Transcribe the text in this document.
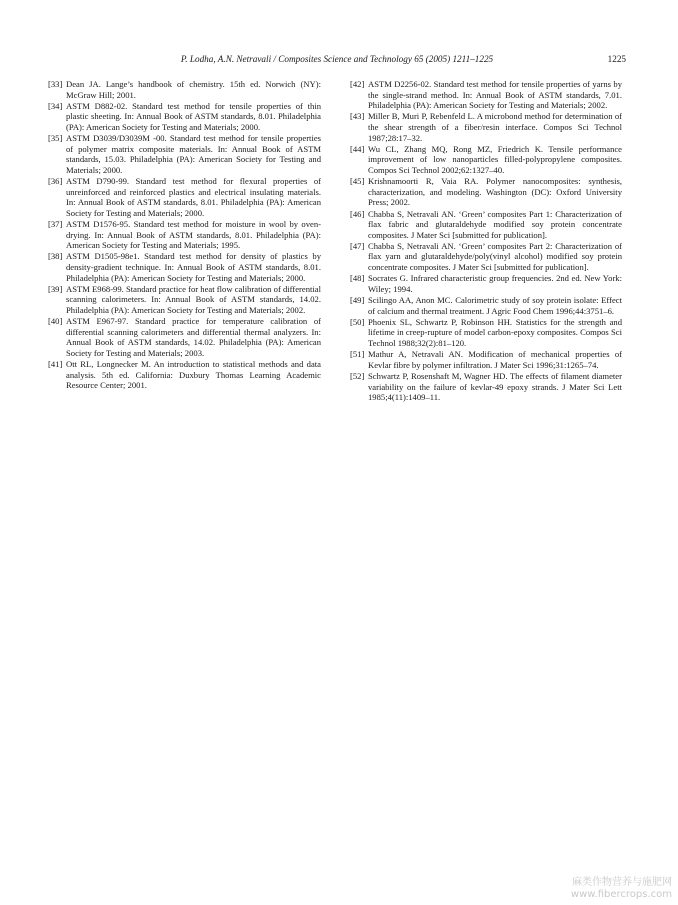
P. Lodha, A.N. Netravali / Composites Science and Technology 65 (2005) 1211–1225	1225
[33] Dean JA. Lange’s handbook of chemistry. 15th ed. Norwich (NY): McGraw Hill; 2001.
[34] ASTM D882-02. Standard test method for tensile properties of thin plastic sheeting. In: Annual Book of ASTM standards, 8.01. Philadelphia (PA): American Society for Testing and Materials; 2000.
[35] ASTM D3039/D3039M -00. Standard test method for tensile properties of polymer matrix composite materials. In: Annual Book of ASTM standards, 15.03. Philadelphia (PA): American Society for Testing and Materials; 2000.
[36] ASTM D790-99. Standard test method for flexural properties of unreinforced and reinforced plastics and electrical insulating materials. In: Annual Book of ASTM standards, 8.01. Philadelphia (PA): American Society for Testing and Materials; 2000.
[37] ASTM D1576-95. Standard test method for moisture in wool by oven-drying. In: Annual Book of ASTM standards, 8.01. Philadelphia (PA): American Society for Testing and Materials; 1995.
[38] ASTM D1505-98e1. Standard test method for density of plastics by density-gradient technique. In: Annual Book of ASTM standards, 8.01. Philadelphia (PA): American Society for Testing and Materials; 2000.
[39] ASTM E968-99. Standard practice for heat flow calibration of differential scanning calorimeters. In: Annual Book of ASTM standards, 14.02. Philadelphia (PA): American Society for Testing and Materials; 2002.
[40] ASTM E967-97. Standard practice for temperature calibration of differential scanning calorimeters and differential thermal analyzers. In: Annual Book of ASTM standards, 14.02. Philadelphia (PA): American Society for Testing and Materials; 2003.
[41] Ott RL, Longnecker M. An introduction to statistical methods and data analysis. 5th ed. California: Duxbury Thomas Learning Academic Resource Center; 2001.
[42] ASTM D2256-02. Standard test method for tensile properties of yarns by the single-strand method. In: Annual Book of ASTM standards, 7.01. Philadelphia (PA): American Society for Testing and Materials; 2002.
[43] Miller B, Muri P, Rebenfeld L. A microbond method for determination of the shear strength of a fiber/resin interface. Compos Sci Technol 1987;28:17–32.
[44] Wu CL, Zhang MQ, Rong MZ, Friedrich K. Tensile performance improvement of low nanoparticles filled-polypropylene composites. Compos Sci Technol 2002;62:1327–40.
[45] Krishnamoorti R, Vaia RA. Polymer nanocomposites: synthesis, characterization, and modeling. Washington (DC): Oxford University Press; 2002.
[46] Chabba S, Netravali AN. ‘Green’ composites Part 1: Characterization of flax fabric and glutaraldehyde modified soy protein concentrate composites. J Mater Sci [submitted for publication].
[47] Chabba S, Netravali AN. ‘Green’ composites Part 2: Characterization of flax yarn and glutaraldehyde/poly(vinyl alcohol) modified soy protein concentrate composites. J Mater Sci [submitted for publication].
[48] Socrates G. Infrared characteristic group frequencies. 2nd ed. New York: Wiley; 1994.
[49] Scilingo AA, Anon MC. Calorimetric study of soy protein isolate: Effect of calcium and thermal treatment. J Agric Food Chem 1996;44:3751–6.
[50] Phoenix SL, Schwartz P, Robinson HH. Statistics for the strength and lifetime in creep-rupture of model carbon-epoxy composites. Compos Sci Technol 1988;32(2):81–120.
[51] Mathur A, Netravali AN. Modification of mechanical properties of Kevlar fibre by polymer infiltration. J Mater Sci 1996;31:1265–74.
[52] Schwartz P, Rosenshaft M, Wagner HD. The effects of filament diameter variability on the failure of kevlar-49 epoxy strands. J Mater Sci Lett 1985;4(11):1409–11.
麻类作物营养与施肥网
www.fibercrops.com
